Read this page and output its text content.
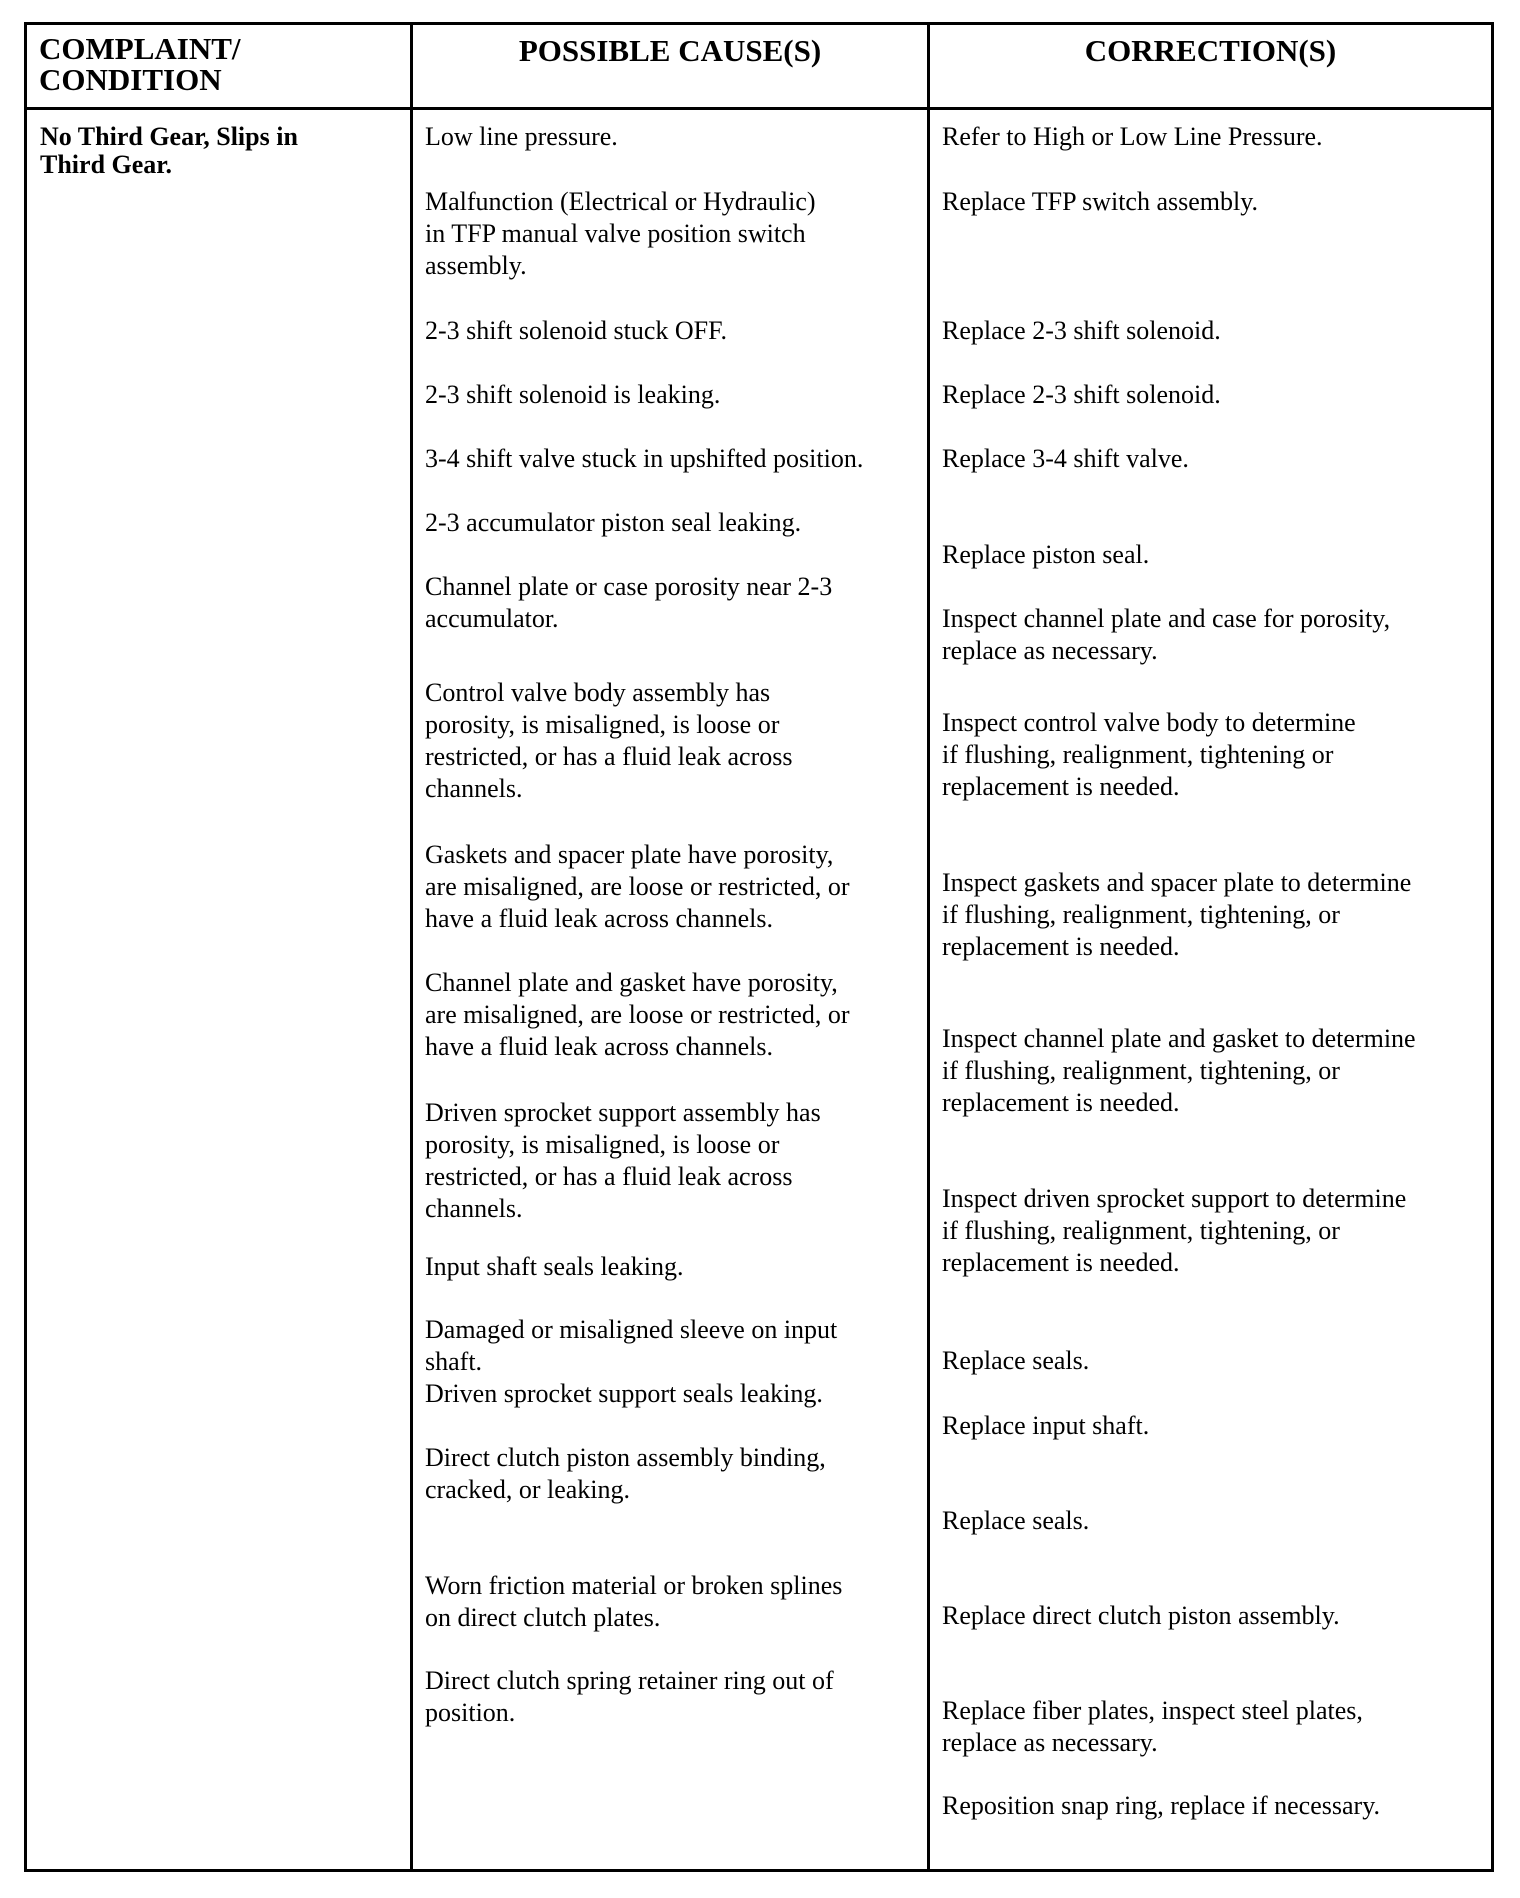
COMPLAINT/
CONDITION
POSSIBLE CAUSE(S)	CORRECTION(S)
No Third Gear, Slips in
Third Gear.
Low line pressure.
Malfunction (Electrical or Hydraulic)
in TFP manual valve position switch
assembly.
2-3 shift solenoid stuck OFF.
2-3 shift solenoid is leaking.
3-4 shift valve stuck in upshifted position.
2-3 accumulator piston seal leaking.
Channel plate or case porosity near 2-3
accumulator.
Control valve body assembly has
porosity, is misaligned, is loose or
restricted, or has a fluid leak across
channels.
Gaskets and spacer plate have porosity,
are misaligned, are loose or restricted, or
have a fluid leak across channels.
Channel plate and gasket have porosity,
are misaligned, are loose or restricted, or
have a fluid leak across channels.
Driven sprocket support assembly has
porosity, is misaligned, is loose or
restricted, or has a fluid leak across
channels.
Input shaft seals leaking.
Damaged or misaligned sleeve on input
shaft.
Driven sprocket support seals leaking.
Direct clutch piston assembly binding,
cracked, or leaking.
Worn friction material or broken splines
on direct clutch plates.
Direct clutch spring retainer ring out of
position.
Refer to High or Low Line Pressure.
Replace TFP switch assembly.
Replace 2-3 shift solenoid.
Replace 2-3 shift solenoid.
Replace 3-4 shift valve.
Replace piston seal.
Inspect channel plate and case for porosity,
replace as necessary.
Inspect control valve body to determine
if flushing, realignment, tightening or
replacement is needed.
Inspect gaskets and spacer plate to determine
if flushing, realignment, tightening, or
replacement is needed.
Inspect channel plate and gasket to determine
if flushing, realignment, tightening, or
replacement is needed.
Inspect driven sprocket support to determine
if flushing, realignment, tightening, or
replacement is needed.
Replace seals.
Replace input shaft.
Replace seals.
Replace direct clutch piston assembly.
Replace fiber plates, inspect steel plates,
replace as necessary.
Reposition snap ring, replace if necessary.
